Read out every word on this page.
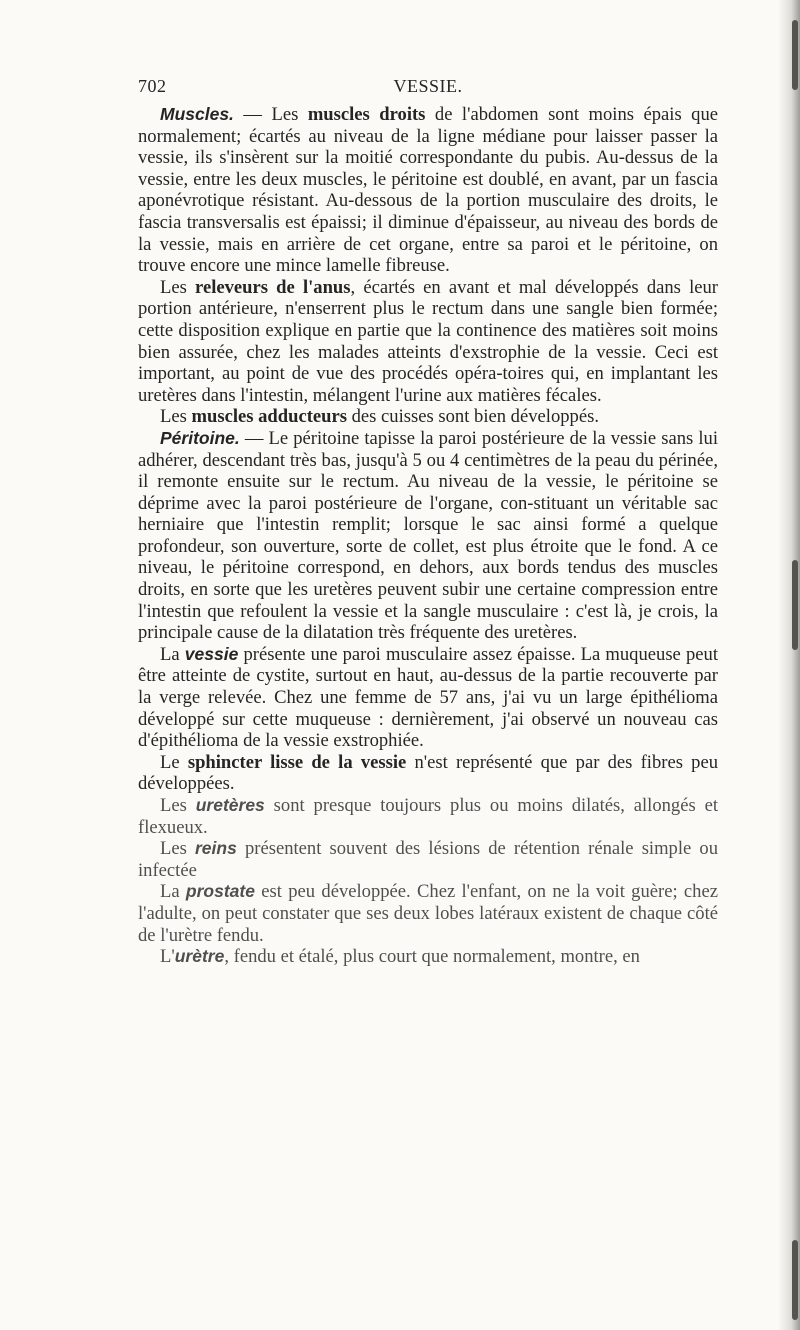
702	VESSIE.

Muscles. — Les muscles droits de l'abdomen sont moins épais que normalement; écartés au niveau de la ligne médiane pour laisser passer la vessie, ils s'insèrent sur la moitié correspondante du pubis. Au-dessus de la vessie, entre les deux muscles, le péritoine est doublé, en avant, par un fascia aponévrotique résistant. Au-dessous de la portion musculaire des droits, le fascia transversalis est épaissi; il diminue d'épaisseur, au niveau des bords de la vessie, mais en arrière de cet organe, entre sa paroi et le péritoine, on trouve encore une mince lamelle fibreuse.

Les releveurs de l'anus, écartés en avant et mal développés dans leur portion antérieure, n'enserrent plus le rectum dans une sangle bien formée; cette disposition explique en partie que la continence des matières soit moins bien assurée, chez les malades atteints d'exstrophie de la vessie. Ceci est important, au point de vue des procédés opéra-toires qui, en implantant les uretères dans l'intestin, mélangent l'urine aux matières fécales.

Les muscles adducteurs des cuisses sont bien développés.

Péritoine. — Le péritoine tapisse la paroi postérieure de la vessie sans lui adhérer, descendant très bas, jusqu'à 5 ou 4 centimètres de la peau du périnée, il remonte ensuite sur le rectum. Au niveau de la vessie, le péritoine se déprime avec la paroi postérieure de l'organe, con-stituant un véritable sac herniaire que l'intestin remplit; lorsque le sac ainsi formé a quelque profondeur, son ouverture, sorte de collet, est plus étroite que le fond. A ce niveau, le péritoine correspond, en dehors, aux bords tendus des muscles droits, en sorte que les uretères peuvent subir une certaine compression entre l'intestin que refoulent la vessie et la sangle musculaire : c'est là, je crois, la principale cause de la dilatation très fréquente des uretères.

La vessie présente une paroi musculaire assez épaisse. La muqueuse peut être atteinte de cystite, surtout en haut, au-dessus de la partie recouverte par la verge relevée. Chez une femme de 57 ans, j'ai vu un large épithélioma développé sur cette muqueuse : dernièrement, j'ai observé un nouveau cas d'épithélioma de la vessie exstrophiée.

Le sphincter lisse de la vessie n'est représenté que par des fibres peu développées.

Les uretères sont presque toujours plus ou moins dilatés, allongés et flexueux.

Les reins présentent souvent des lésions de rétention rénale simple ou infectée

La prostate est peu développée. Chez l'enfant, on ne la voit guère; chez l'adulte, on peut constater que ses deux lobes latéraux existent de chaque côté de l'urètre fendu.

L'urètre, fendu et étalé, plus court que normalement, montre, en
